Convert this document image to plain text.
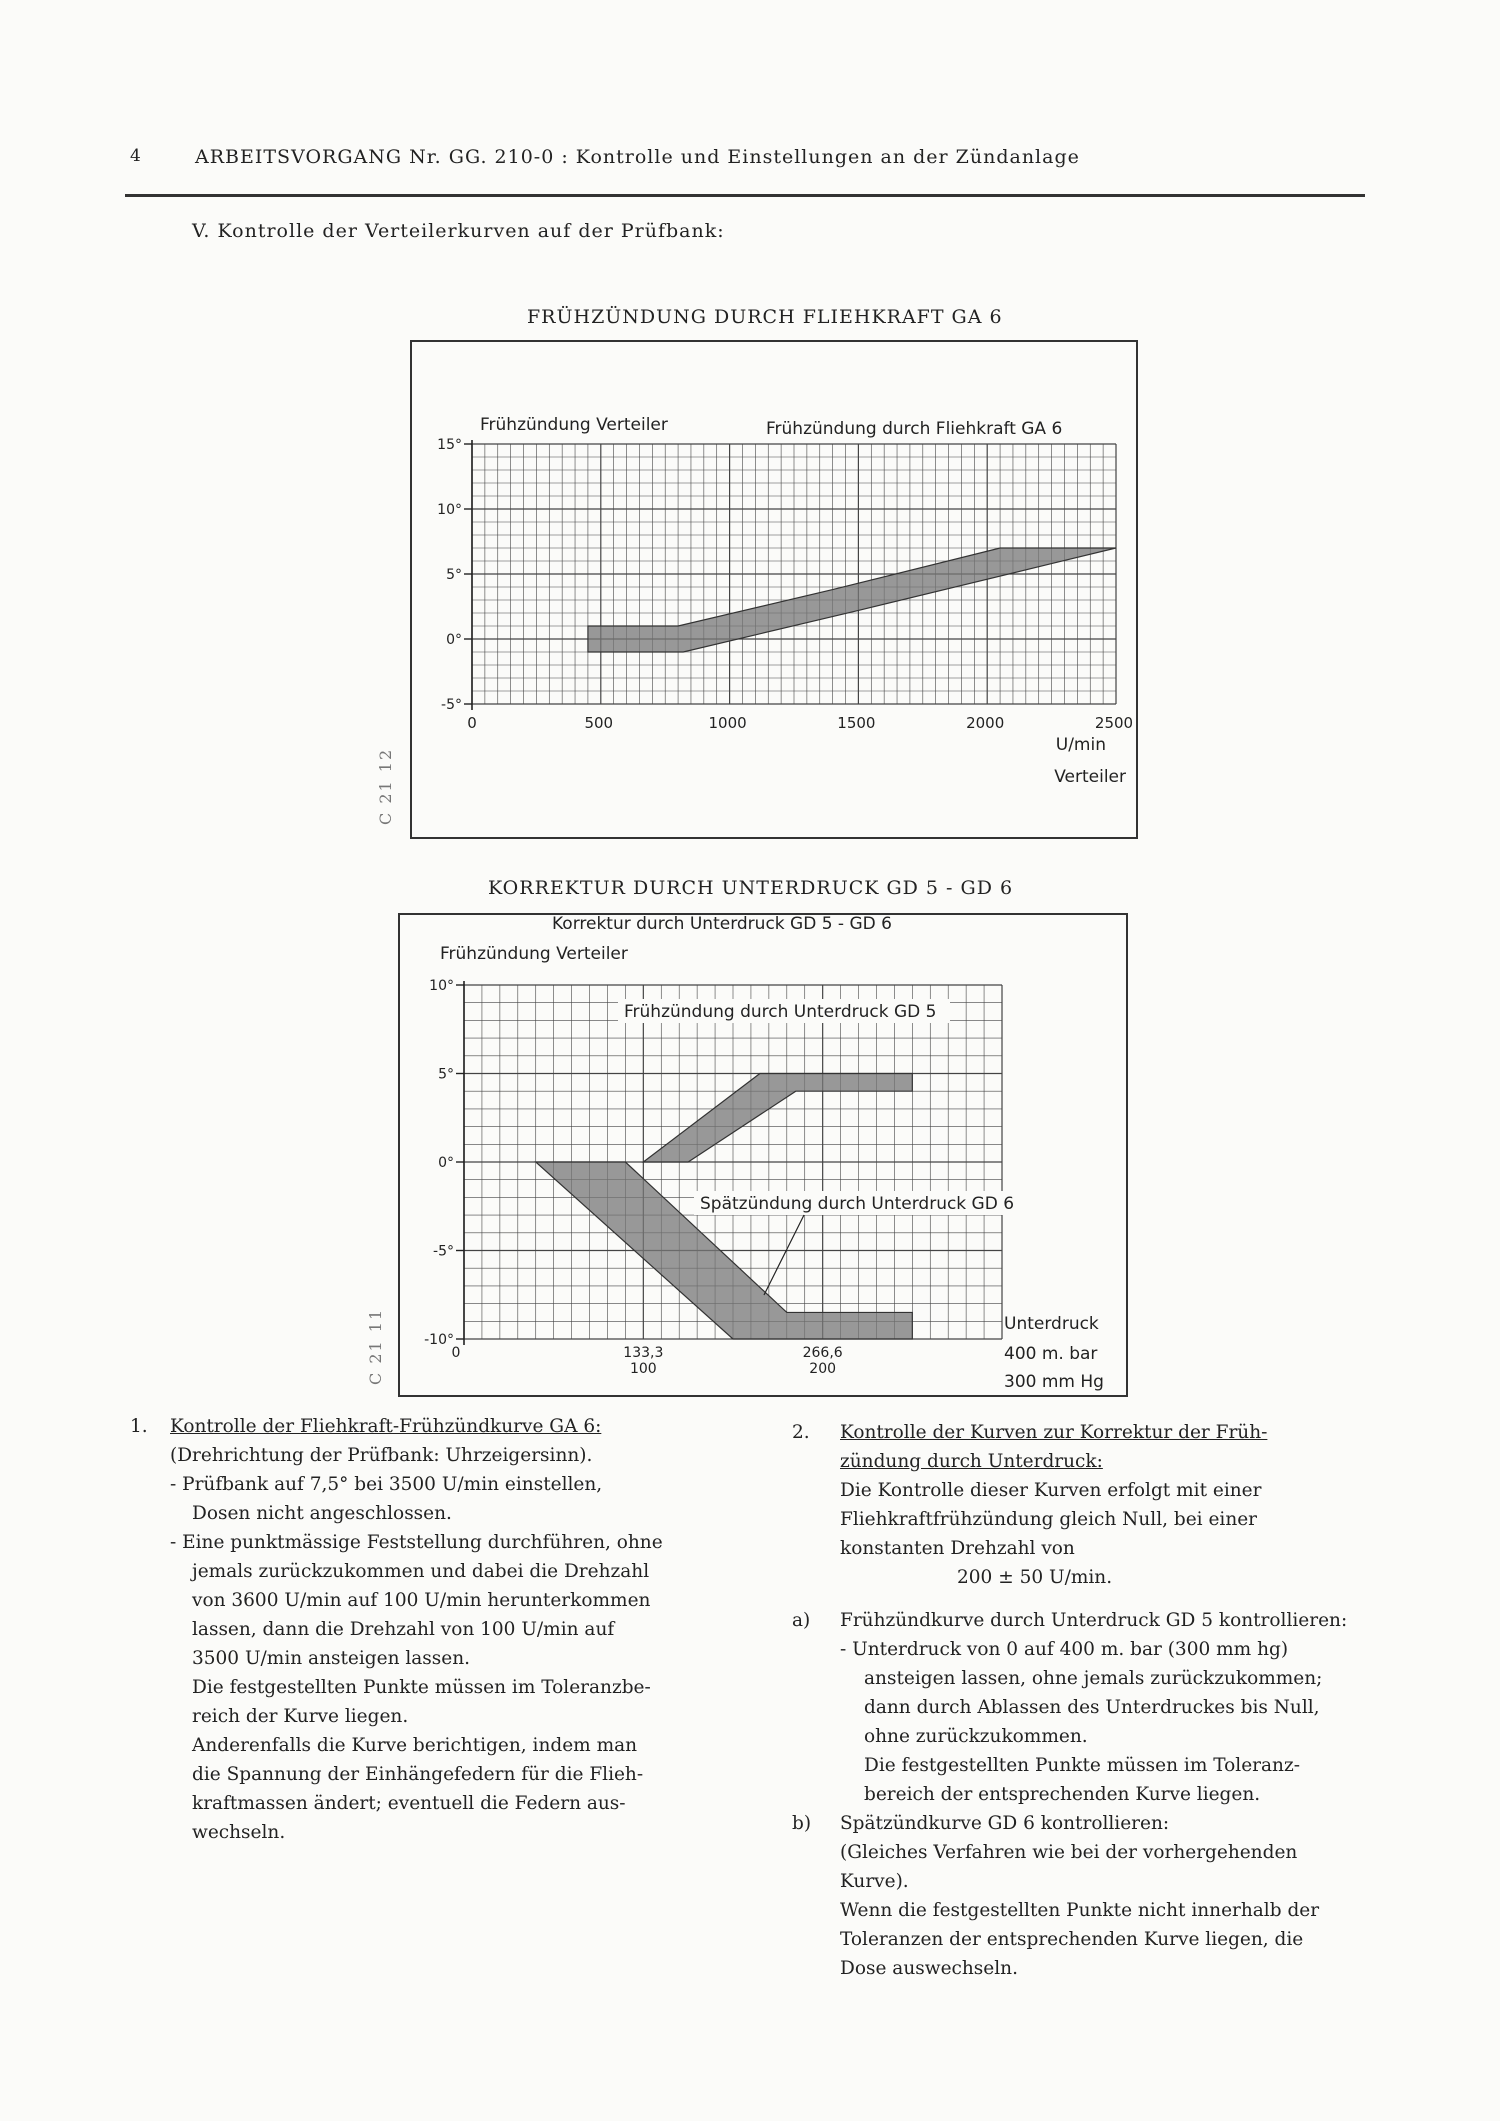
4	ARBEITSVORGANG Nr. GG. 210-0 : Kontrolle und Einstellungen an der Zündanlage
V. Kontrolle der Verteilerkurven auf der Prüfbank:
FRÜHZÜNDUNG DURCH FLIEHKRAFT GA 6
15°
10°
5°
0°
-5°
0	500	1000	1500	2000	2500
Frühzündung Verteiler	Frühzündung durch Fliehkraft GA 6
U/min
Verteiler
C 21 12
KORREKTUR DURCH UNTERDRUCK GD 5 - GD 6
Frühzündung durch Unterdruck GD 5
Spätzündung durch Unterdruck GD 6
10°
5°
0°
-5°
-10°
0	133,3
100
266,6
200
Korrektur durch Unterdruck GD 5 - GD 6
Frühzündung Verteiler
Unterdruck
400 m. bar
300 mm Hg
C 21 11

1. Kontrolle der Fliehkraft-Frühzündkurve GA 6:

(Drehrichtung der Prüfbank: Uhrzeigersinn).

- Prüfbank auf 7,5° bei 3500 U/min einstellen,

Dosen nicht angeschlossen.

- Eine punktmässige Feststellung durchführen, ohne

jemals zurückzukommen und dabei die Drehzahl

von 3600 U/min auf 100 U/min herunterkommen

lassen, dann die Drehzahl von 100 U/min auf

3500 U/min ansteigen lassen.

Die festgestellten Punkte müssen im Toleranzbe-

reich der Kurve liegen.

Anderenfalls die Kurve berichtigen, indem man

die Spannung der Einhängefedern für die Flieh-

kraftmassen ändert; eventuell die Federn aus-

wechseln.

2. Kontrolle der Kurven zur Korrektur der Früh-

zündung durch Unterdruck:

Die Kontrolle dieser Kurven erfolgt mit einer

Fliehkraftfrühzündung gleich Null, bei einer

konstanten Drehzahl von

200 ± 50 U/min.

a) Frühzündkurve durch Unterdruck GD 5 kontrollieren:

- Unterdruck von 0 auf 400 m. bar (300 mm hg)

ansteigen lassen, ohne jemals zurückzukommen;

dann durch Ablassen des Unterdruckes bis Null,

ohne zurückzukommen.

Die festgestellten Punkte müssen im Toleranz-

bereich der entsprechenden Kurve liegen.

b) Spätzündkurve GD 6 kontrollieren:

(Gleiches Verfahren wie bei der vorhergehenden

Kurve).

Wenn die festgestellten Punkte nicht innerhalb der

Toleranzen der entsprechenden Kurve liegen, die

Dose auswechseln.
